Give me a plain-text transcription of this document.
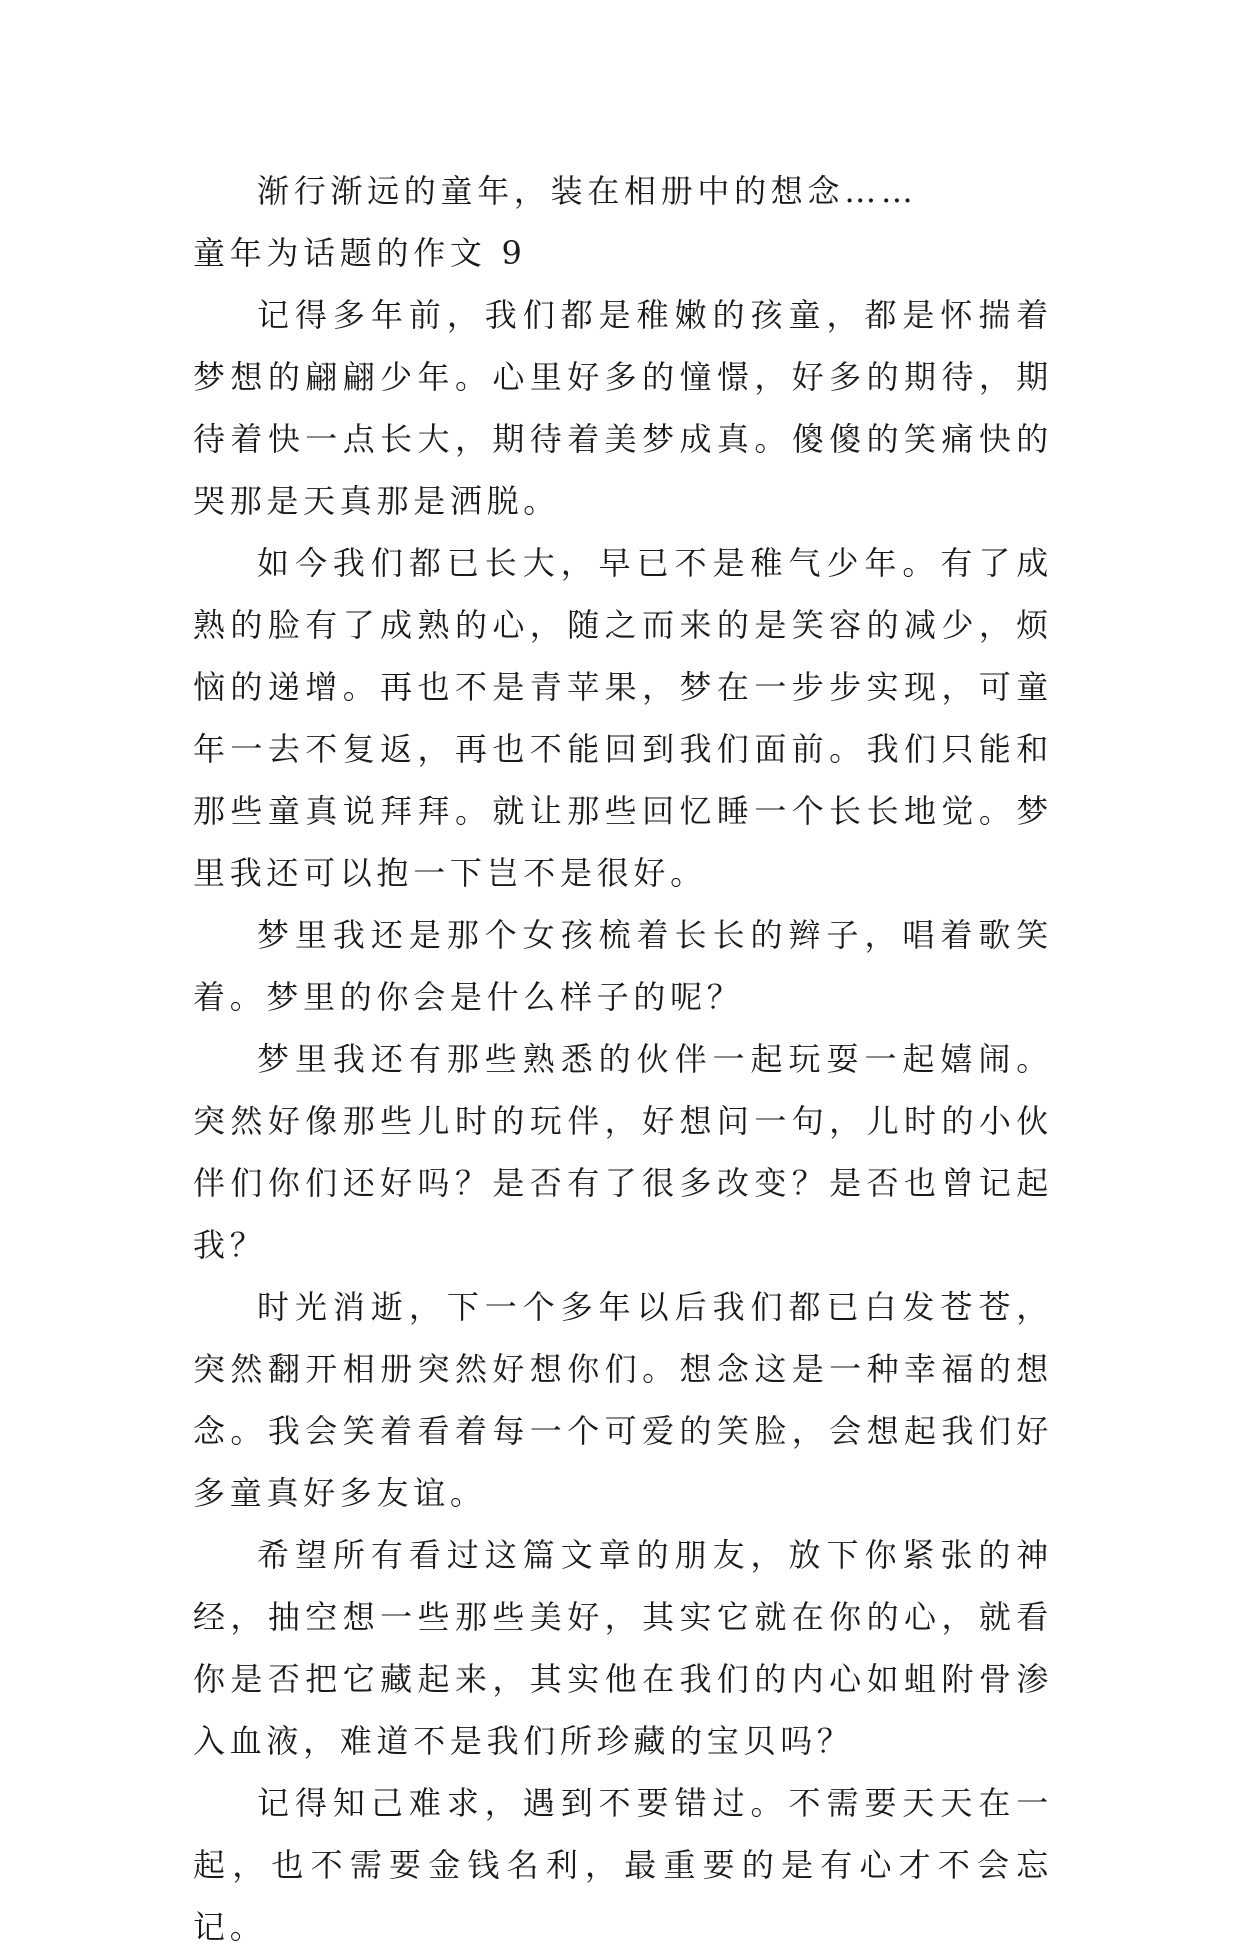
渐行渐远的童年，装在相册中的想念……

童年为话题的作文 9

记得多年前，我们都是稚嫩的孩童，都是怀揣着梦想的翩翩少年。心里好多的憧憬，好多的期待，期待着快一点长大，期待着美梦成真。傻傻的笑痛快的哭那是天真那是洒脱。

如今我们都已长大，早已不是稚气少年。有了成熟的脸有了成熟的心，随之而来的是笑容的减少，烦恼的递增。再也不是青苹果，梦在一步步实现，可童年一去不复返，再也不能回到我们面前。我们只能和那些童真说拜拜。就让那些回忆睡一个长长地觉。梦里我还可以抱一下岂不是很好。

梦里我还是那个女孩梳着长长的辫子，唱着歌笑着。梦里的你会是什么样子的呢？

梦里我还有那些熟悉的伙伴一起玩耍一起嬉闹。突然好像那些儿时的玩伴，好想问一句，儿时的小伙伴们你们还好吗？是否有了很多改变？是否也曾记起我？

时光消逝，下一个多年以后我们都已白发苍苍，突然翻开相册突然好想你们。想念这是一种幸福的想念。我会笑着看着每一个可爱的笑脸，会想起我们好多童真好多友谊。

希望所有看过这篇文章的朋友，放下你紧张的神经，抽空想一些那些美好，其实它就在你的心，就看你是否把它藏起来，其实他在我们的内心如蛆附骨渗入血液，难道不是我们所珍藏的宝贝吗？

记得知己难求，遇到不要错过。不需要天天在一起，也不需要金钱名利，最重要的是有心才不会忘记。
